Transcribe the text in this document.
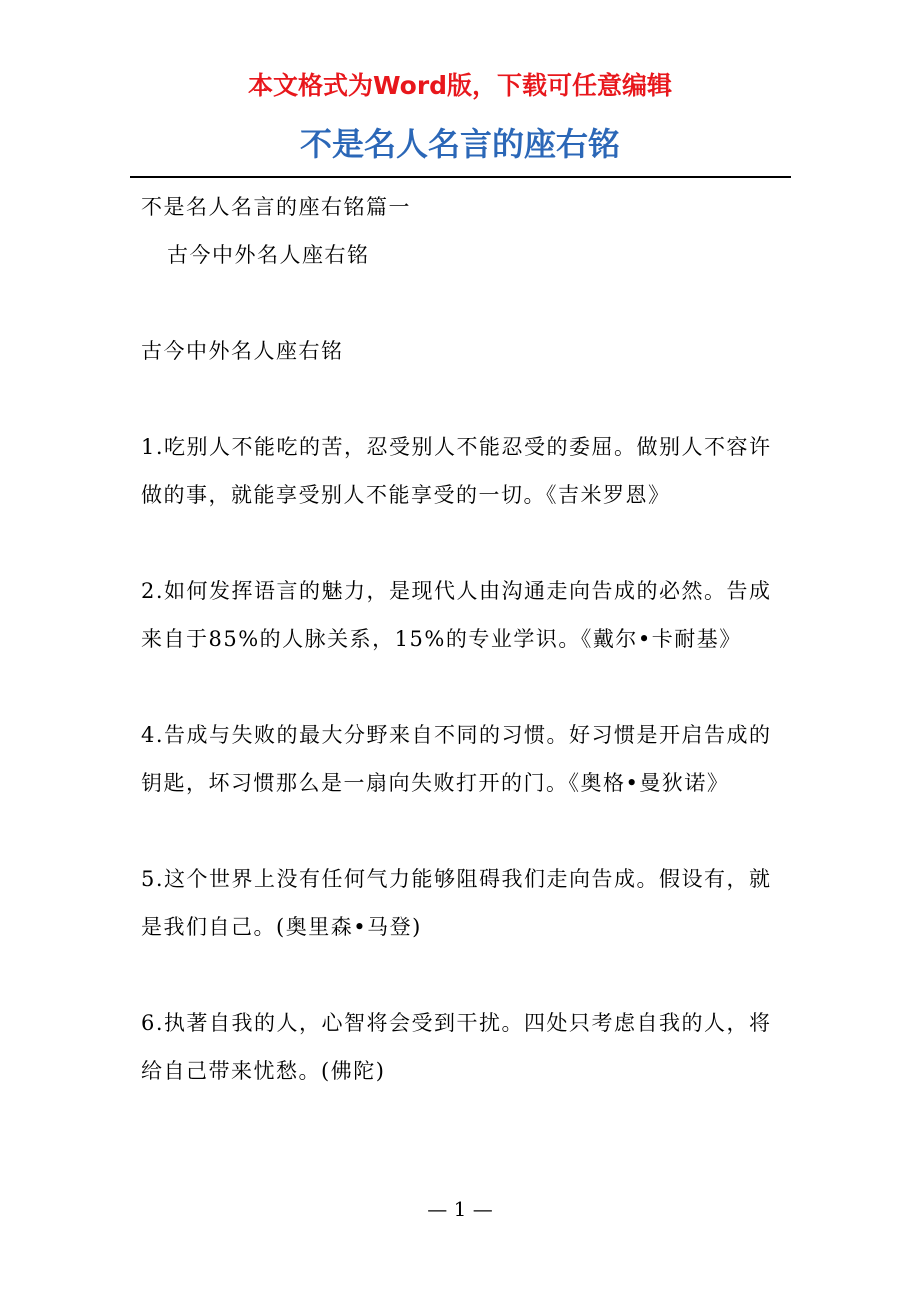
本文格式为Word版，下载可任意编辑
不是名人名言的座右铭

不是名人名言的座右铭篇一

古今中外名人座右铭

古今中外名人座右铭

1.吃别人不能吃的苦，忍受别人不能忍受的委屈。做别人不容许做的事，就能享受别人不能享受的一切。《吉米罗恩》

2.如何发挥语言的魅力，是现代人由沟通走向告成的必然。告成来自于85%的人脉关系，15%的专业学识。《戴尔•卡耐基》

4.告成与失败的最大分野来自不同的习惯。好习惯是开启告成的钥匙，坏习惯那么是一扇向失败打开的门。《奥格•曼狄诺》

5.这个世界上没有任何气力能够阻碍我们走向告成。假设有，就是我们自己。(奥里森•马登)

6.执著自我的人，心智将会受到干扰。四处只考虑自我的人，将给自己带来忧愁。(佛陀)

— 1 —
